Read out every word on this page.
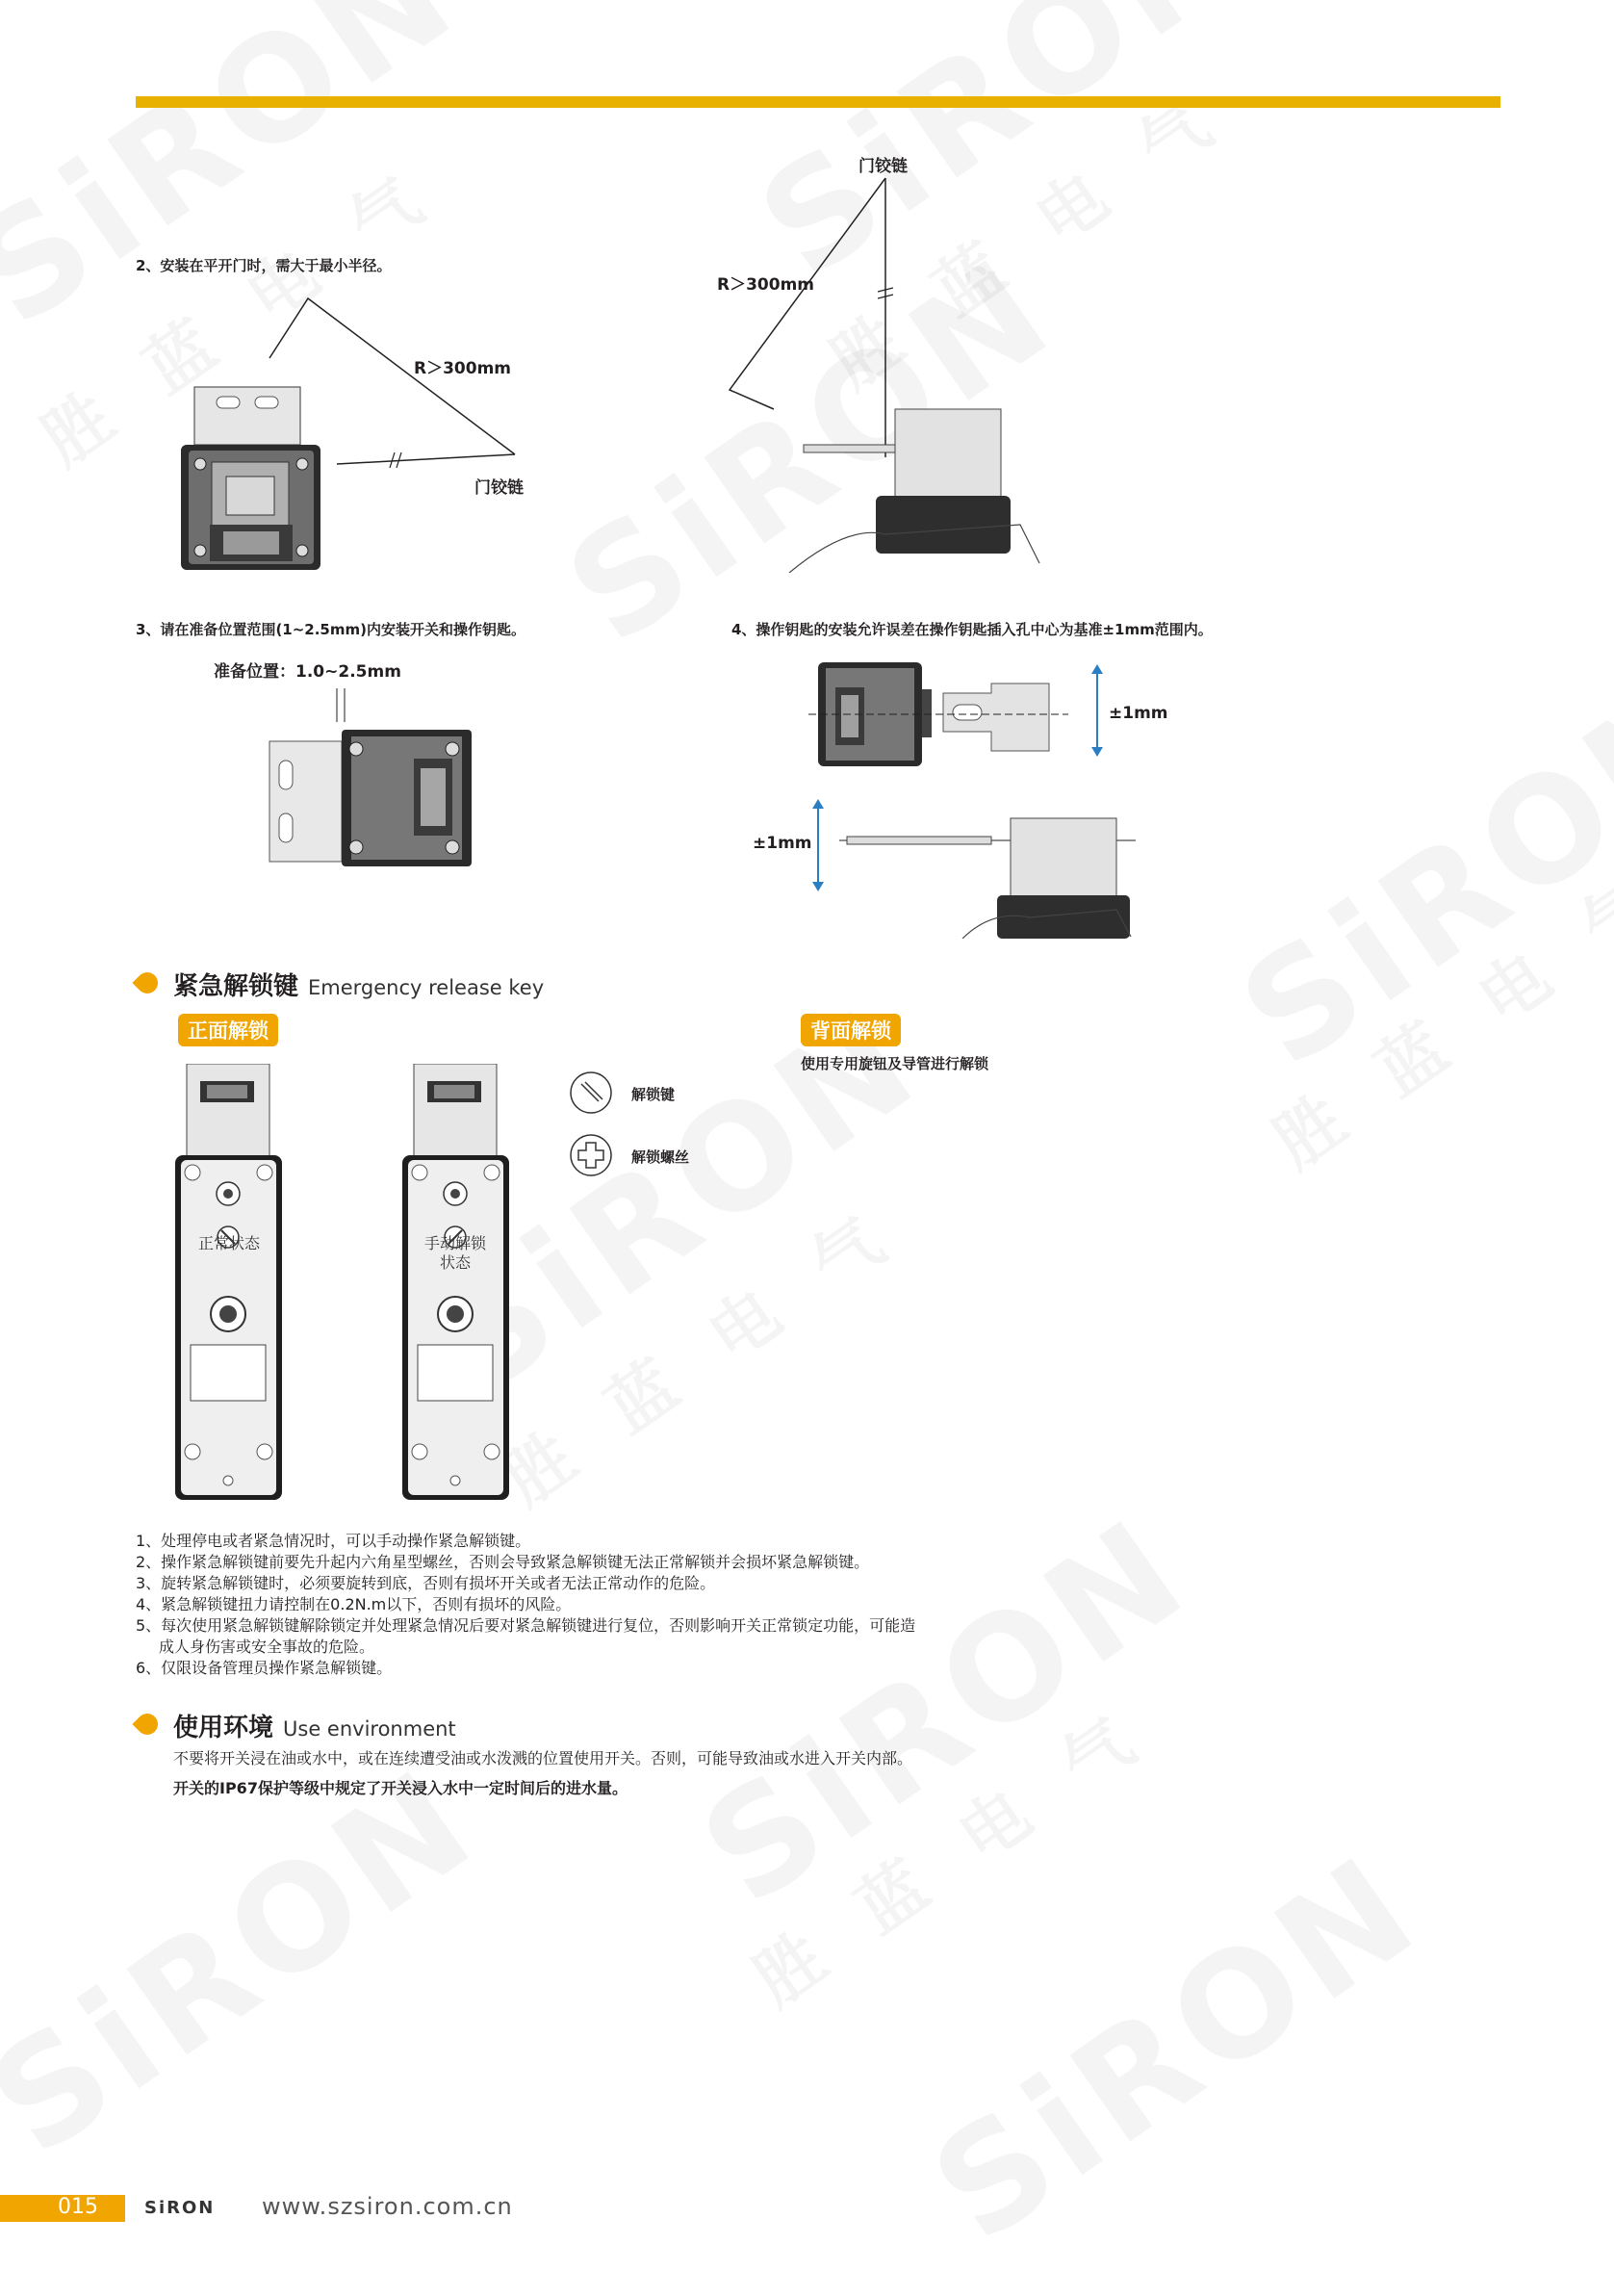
2、安装在平开门时，需大于最小半径。
R＞300mm
门铰链
门铰链
R＞300mm
3、请在准备位置范围(1~2.5mm)内安装开关和操作钥匙。	4、操作钥匙的安装允许误差在操作钥匙插入孔中心为基准±1mm范围内。
准备位置：1.0~2.5mm
±1mm
±1mm
紧急解锁键 Emergency release key
正面解锁	背面解锁
使用专用旋钮及导管进行解锁
正常状态	手动解锁
状态
解锁键
解锁螺丝
1、处理停电或者紧急情况时，可以手动操作紧急解锁键。
2、操作紧急解锁键前要先升起内六角星型螺丝，否则会导致紧急解锁键无法正常解锁并会损坏紧急解锁键。
3、旋转紧急解锁键时，必须要旋转到底，否则有损坏开关或者无法正常动作的危险。
4、紧急解锁键扭力请控制在0.2N.m以下，否则有损坏的风险。
5、每次使用紧急解锁键解除锁定并处理紧急情况后要对紧急解锁键进行复位，否则影响开关正常锁定功能，可能造
成人身伤害或安全事故的危险。
6、仅限设备管理员操作紧急解锁键。
使用环境 Use environment
不要将开关浸在油或水中，或在连续遭受油或水泼溅的位置使用开关。否则，可能导致油或水进入开关内部。
开关的IP67保护等级中规定了开关浸入水中一定时间后的进水量。
015	SiRON www.szsiron.com.cn
